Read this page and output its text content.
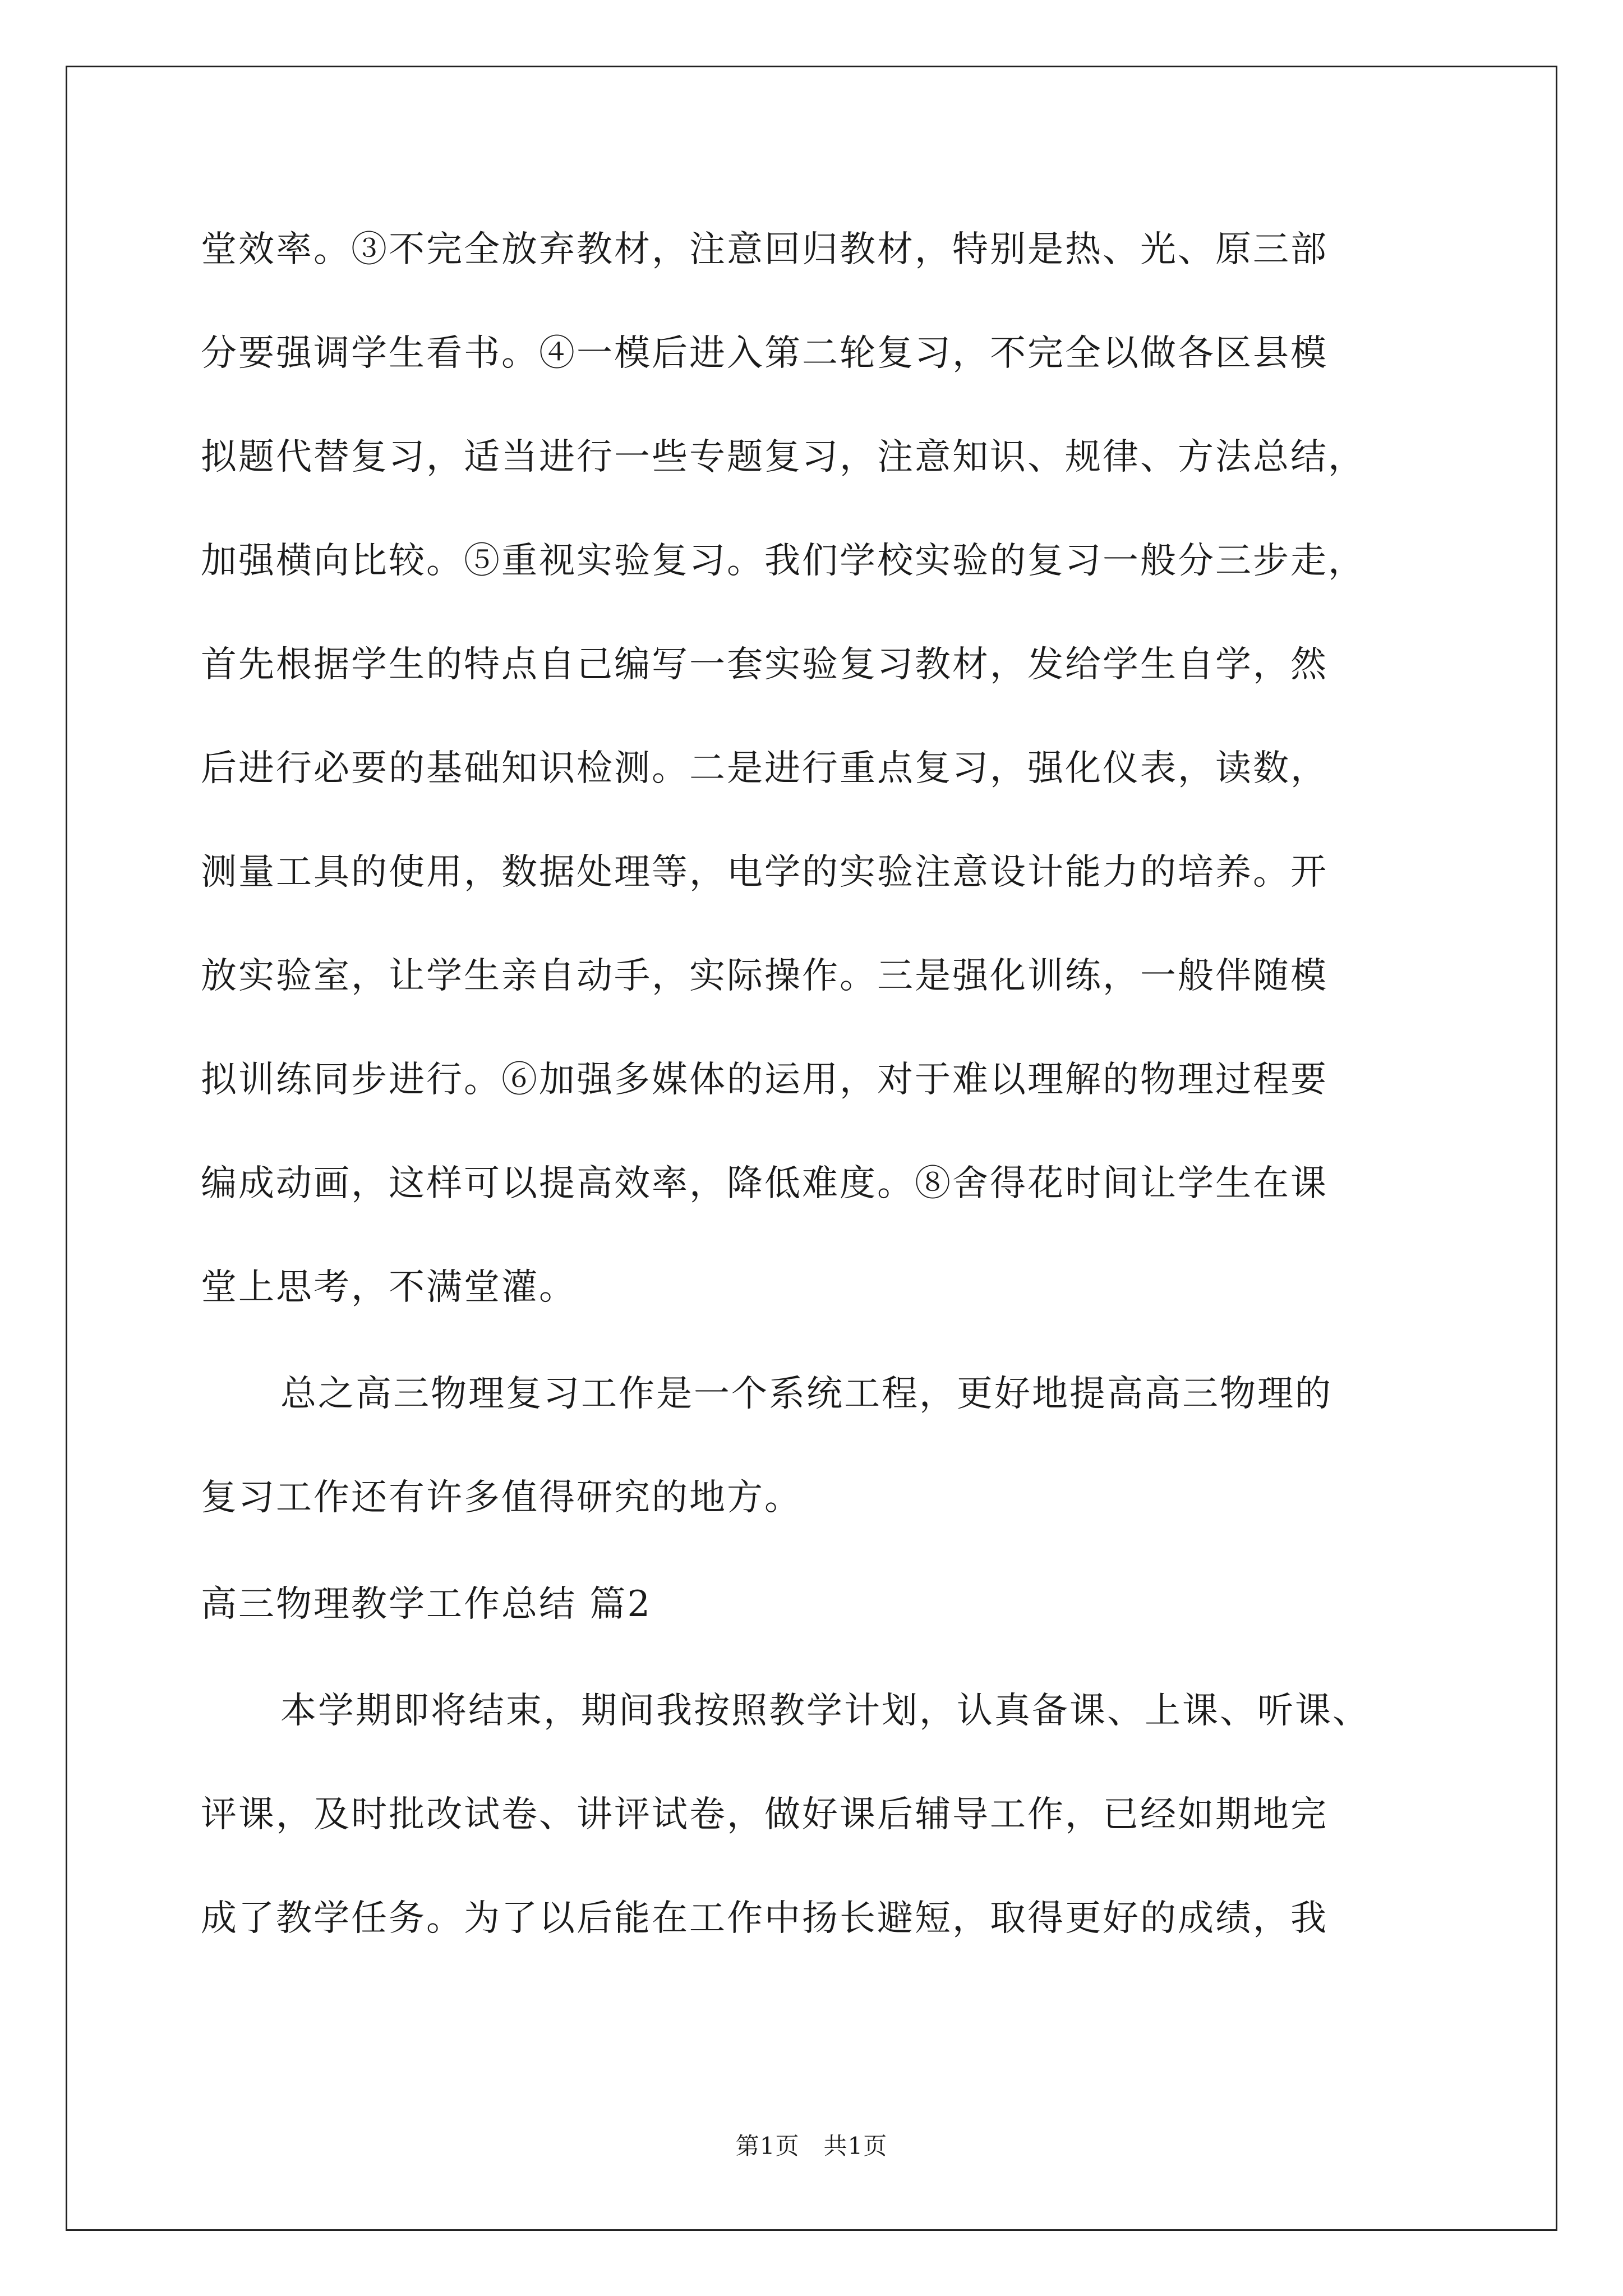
堂效率。③不完全放弃教材，注意回归教材，特别是热、光、原三部
分要强调学生看书。④一模后进入第二轮复习，不完全以做各区县模
拟题代替复习，适当进行一些专题复习，注意知识、规律、方法总结，
加强横向比较。⑤重视实验复习。我们学校实验的复习一般分三步走，
首先根据学生的特点自己编写一套实验复习教材，发给学生自学，然
后进行必要的基础知识检测。二是进行重点复习，强化仪表，读数，
测量工具的使用，数据处理等，电学的实验注意设计能力的培养。开
放实验室，让学生亲自动手，实际操作。三是强化训练，一般伴随模
拟训练同步进行。⑥加强多媒体的运用，对于难以理解的物理过程要
编成动画，这样可以提高效率，降低难度。⑧舍得花时间让学生在课
堂上思考，不满堂灌。
总之高三物理复习工作是一个系统工程，更好地提高高三物理的
复习工作还有许多值得研究的地方。
高三物理教学工作总结 篇2
本学期即将结束，期间我按照教学计划，认真备课、上课、听课、
评课，及时批改试卷、讲评试卷，做好课后辅导工作，已经如期地完
成了教学任务。为了以后能在工作中扬长避短，取得更好的成绩，我
第1页　共1页
